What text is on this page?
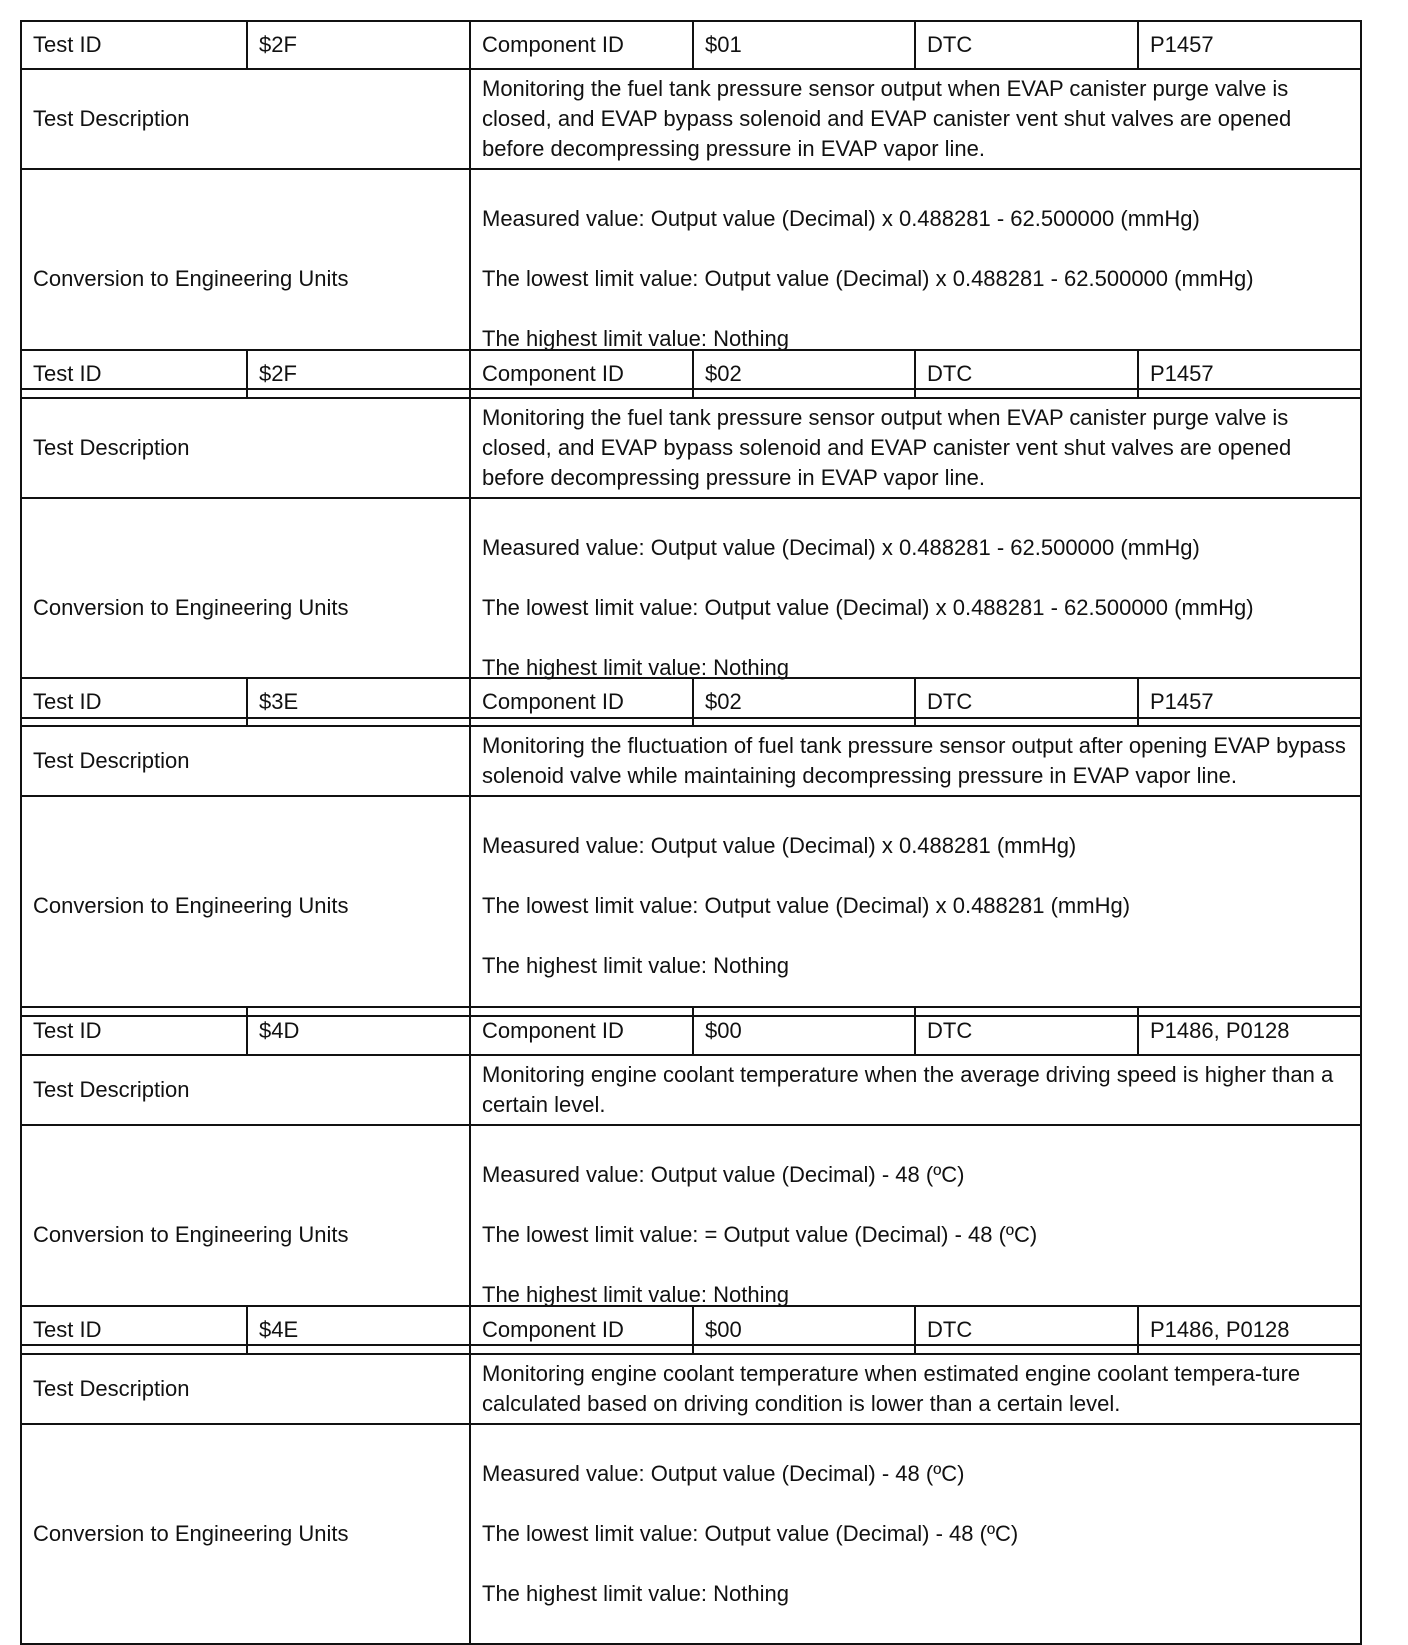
Test ID	$2F	Component ID	$01	DTC	P1457
Test Description		Monitoring the fuel tank pressure sensor output when EVAP canister purge valve is closed, and EVAP bypass solenoid and EVAP canister vent shut valves are opened before decompressing pressure in EVAP vapor line.			
Conversion to Engineering Units		Measured value: Output value (Decimal) x 0.488281 - 62.500000 (mmHg)

The lowest limit value: Output value (Decimal) x 0.488281 - 62.500000 (mmHg)

The highest limit value: Nothing			

Test ID	$2F	Component ID	$02	DTC	P1457
Test Description		Monitoring the fuel tank pressure sensor output when EVAP canister purge valve is closed, and EVAP bypass solenoid and EVAP canister vent shut valves are opened before decompressing pressure in EVAP vapor line.			
Conversion to Engineering Units		Measured value: Output value (Decimal) x 0.488281 - 62.500000 (mmHg)

The lowest limit value: Output value (Decimal) x 0.488281 - 62.500000 (mmHg)

The highest limit value: Nothing			

Test ID	$3E	Component ID	$02	DTC	P1457
Test Description		Monitoring the fluctuation of fuel tank pressure sensor output after opening EVAP bypass solenoid valve while maintaining decompressing pressure in EVAP vapor line.			
Conversion to Engineering Units		Measured value: Output value (Decimal) x 0.488281 (mmHg)

The lowest limit value: Output value (Decimal) x 0.488281 (mmHg)

The highest limit value: Nothing			

Test ID	$4D	Component ID	$00	DTC	P1486, P0128
Test Description		Monitoring engine coolant temperature when the average driving speed is higher than a certain level.			
Conversion to Engineering Units		Measured value: Output value (Decimal) - 48 (ºC)

The lowest limit value: = Output value (Decimal) - 48 (ºC)

The highest limit value: Nothing			

Test ID	$4E	Component ID	$00	DTC	P1486, P0128
Test Description		Monitoring engine coolant temperature when estimated engine coolant tempera-ture calculated based on driving condition is lower than a certain level.			
Conversion to Engineering Units		Measured value: Output value (Decimal) - 48 (ºC)

The lowest limit value: Output value (Decimal) - 48 (ºC)

The highest limit value: Nothing			
